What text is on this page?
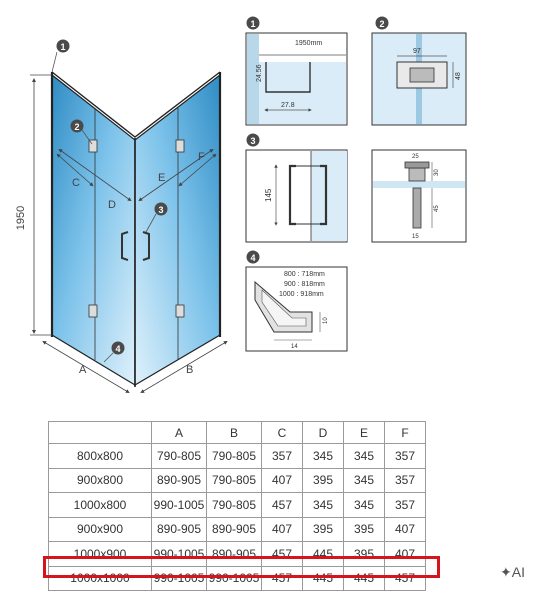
1950
C
D
E
F
A	B
1
2
3
4
1
1950mm
24.56
27.8
2
97
48
3
145
25
30
45
15
4
800 : 718mm
900 : 818mm
1000 : 918mm
10
14
	A	B	C	D	E	F
800x800	790-805	790-805	357	345	345	357
900x800	890-905	790-805	407	395	345	357
1000x800	990-1005	790-805	457	345	345	357
900x900	890-905	890-905	407	395	395	407
1000x900	990-1005	890-905	457	445	395	407
1000x1000	990-1005	990-1005	457	445	445	457	✦AI
